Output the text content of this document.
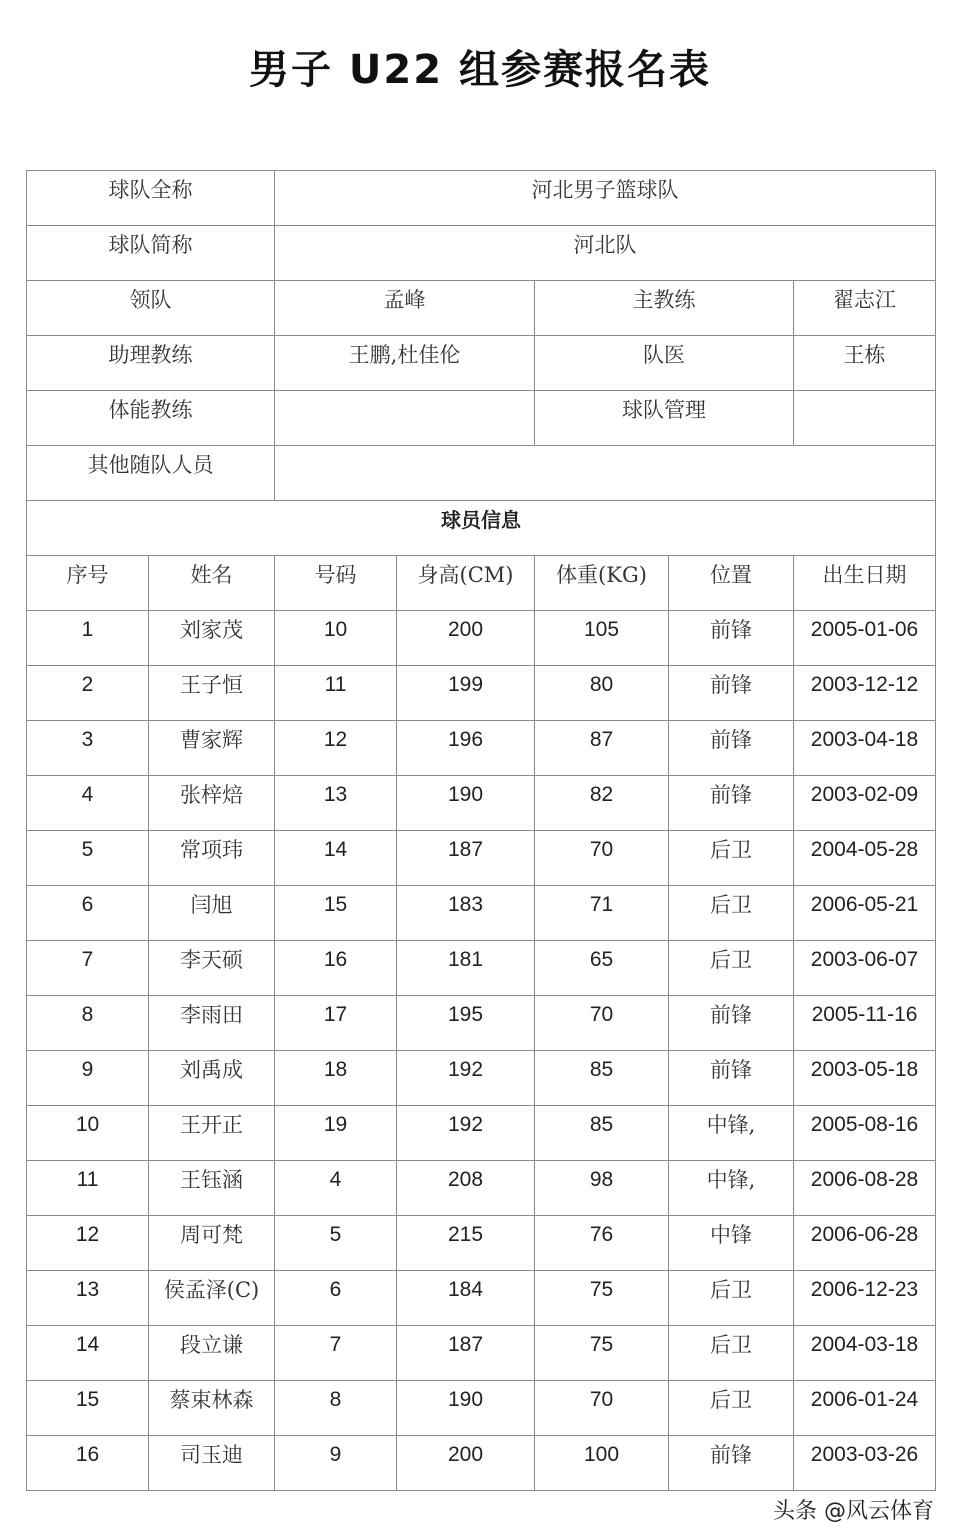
男子 U22 组参赛报名表
球队全称		河北男子篮球队				
球队简称		河北队				
领队		孟峰		主教练		翟志江
助理教练		王鹏,杜佳伦		队医		王栋
体能教练				球队管理		
其他随队人员						
球员信息						
序号	姓名	号码	身高(CM)	体重(KG)	位置	出生日期
1	刘家茂	10	200	105	前锋	2005-01-06
2	王子恒	11	199	80	前锋	2003-12-12
3	曹家辉	12	196	87	前锋	2003-04-18
4	张梓焙	13	190	82	前锋	2003-02-09
5	常项玮	14	187	70	后卫	2004-05-28
6	闫旭	15	183	71	后卫	2006-05-21
7	李天硕	16	181	65	后卫	2003-06-07
8	李雨田	17	195	70	前锋	2005-11-16
9	刘禹成	18	192	85	前锋	2003-05-18
10	王开正	19	192	85	中锋,	2005-08-16
11	王钰涵	4	208	98	中锋,	2006-08-28
12	周可梵	5	215	76	中锋	2006-06-28
13	侯孟泽(C)	6	184	75	后卫	2006-12-23
14	段立谦	7	187	75	后卫	2004-03-18
15	蔡束林森	8	190	70	后卫	2006-01-24
16	司玉迪	9	200	100	前锋	2003-03-26
头条 @风云体育
